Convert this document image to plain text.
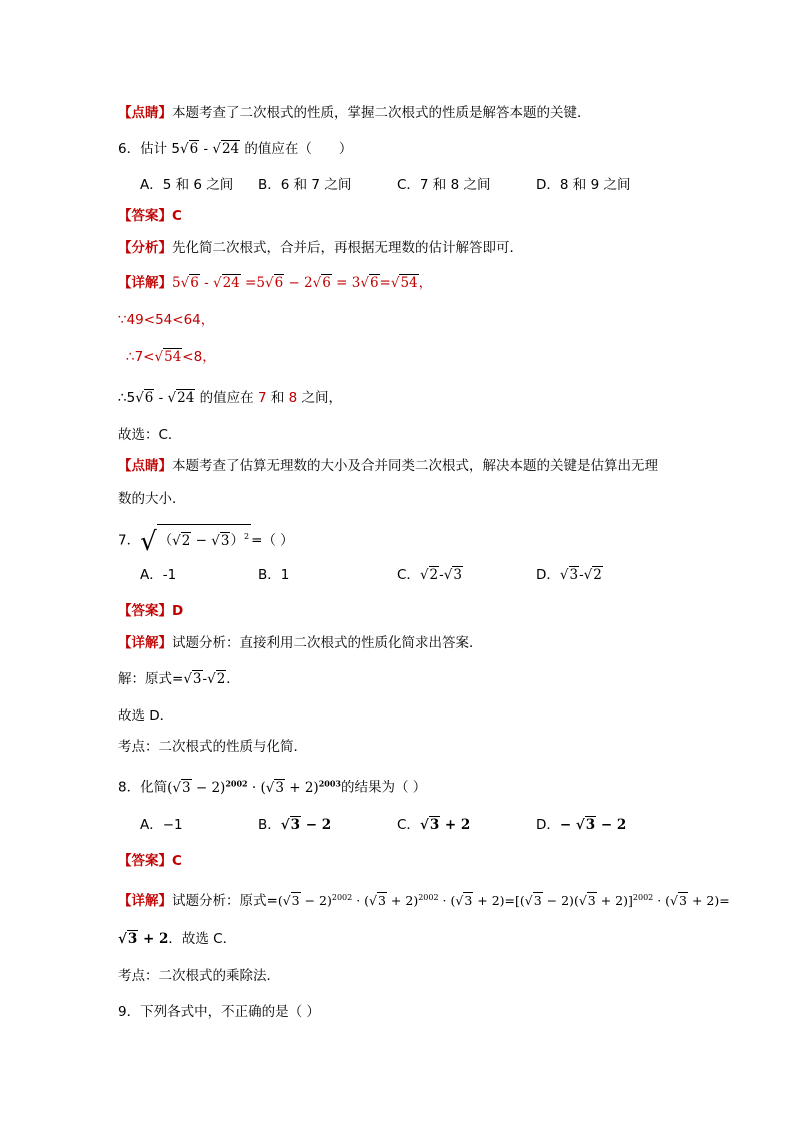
【点睛】本题考查了二次根式的性质，掌握二次根式的性质是解答本题的关键．
6．估计 5√6 - √24 的值应在（　　）
A．5 和 6 之间 B．6 和 7 之间	C．7 和 8 之间	D．8 和 9 之间
【答案】C
【分析】先化简二次根式，合并后，再根据无理数的估计解答即可．
【详解】5√6 - √24 =5√6 − 2√6 = 3√6=√54，
∵49<54<64，
∴7<√54<8，
∴5√6 - √24 的值应在 7 和 8 之间，
故选：C．
【点睛】本题考查了估算无理数的大小及合并同类二次根式，解决本题的关键是估算出无理
数的大小．
7．√ $(√2 - √3)^2$ =（ ）
A．-1	B．1	C．√2-√3	D．√3-√2
【答案】D
【详解】试题分析：直接利用二次根式的性质化简求出答案．
解：原式=√3-√2．
故选 D．
考点：二次根式的性质与化简．
8．化简$(√3 - 2)^{2002} \cdot (√3 + 2)^{2003}$的结果为（ ）
A．−1	B．√3 − 2	C．√3 + 2	D．− √3 − 2
【答案】C
【详解】试题分析：原式$=(√3 - 2)^{2002} \cdot (√3 + 2)^{2002} \cdot (√3 + 2)=[(√3 - 2)(√3 + 2)]^{2002} \cdot (√3 + 2)=$
√3 + 2．故选 C．
考点：二次根式的乘除法．
9．下列各式中，不正确的是（ ）
